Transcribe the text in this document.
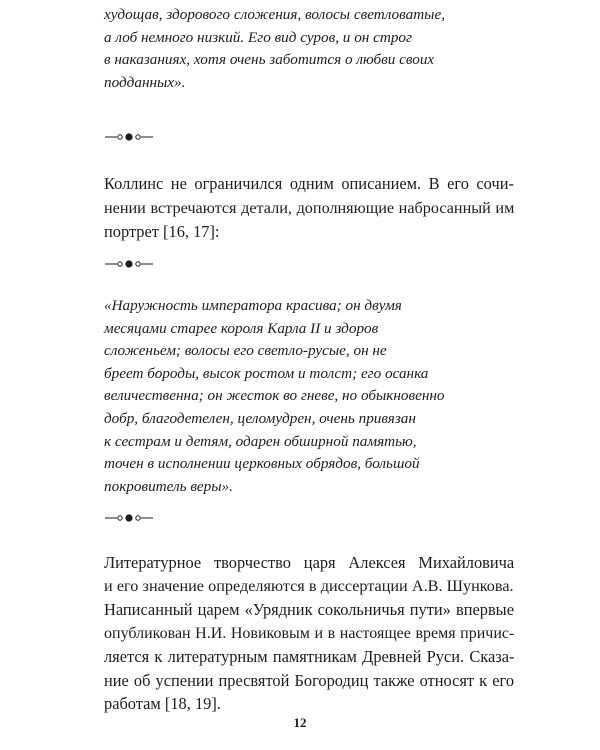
худощав, здорового сложения, волосы светловатые,
а лоб немного низкий. Его вид суров, и он строг
в наказаниях, хотя очень заботится о любви своих
подданных».
Коллинс не ограничился одним описанием. В его сочи-
нении встречаются детали, дополняющие набросанный им
портрет [16, 17]:
«Наружность императора красива; он двумя
месяцами старее короля Карла II и здоров
сложеньем; волосы его светло-русые, он не
бреет бороды, высок ростом и толст; его осанка
величественна; он жесток во гневе, но обыкновенно
добр, благодетелен, целомудрен, очень привязан
к сестрам и детям, одарен обширной памятью,
точен в исполнении церковных обрядов, большой
покровитель веры».
Литературное творчество царя Алексея Михайловича
и его значение определяются в диссертации А.В. Шункова.
Написанный царем «Урядник сокольничья пути» впервые
опубликован Н.И. Новиковым и в настоящее время причис-
ляется к литературным памятникам Древней Руси. Сказа-
ние об успении пресвятой Богородиц также относят к его
работам [18, 19].
12
